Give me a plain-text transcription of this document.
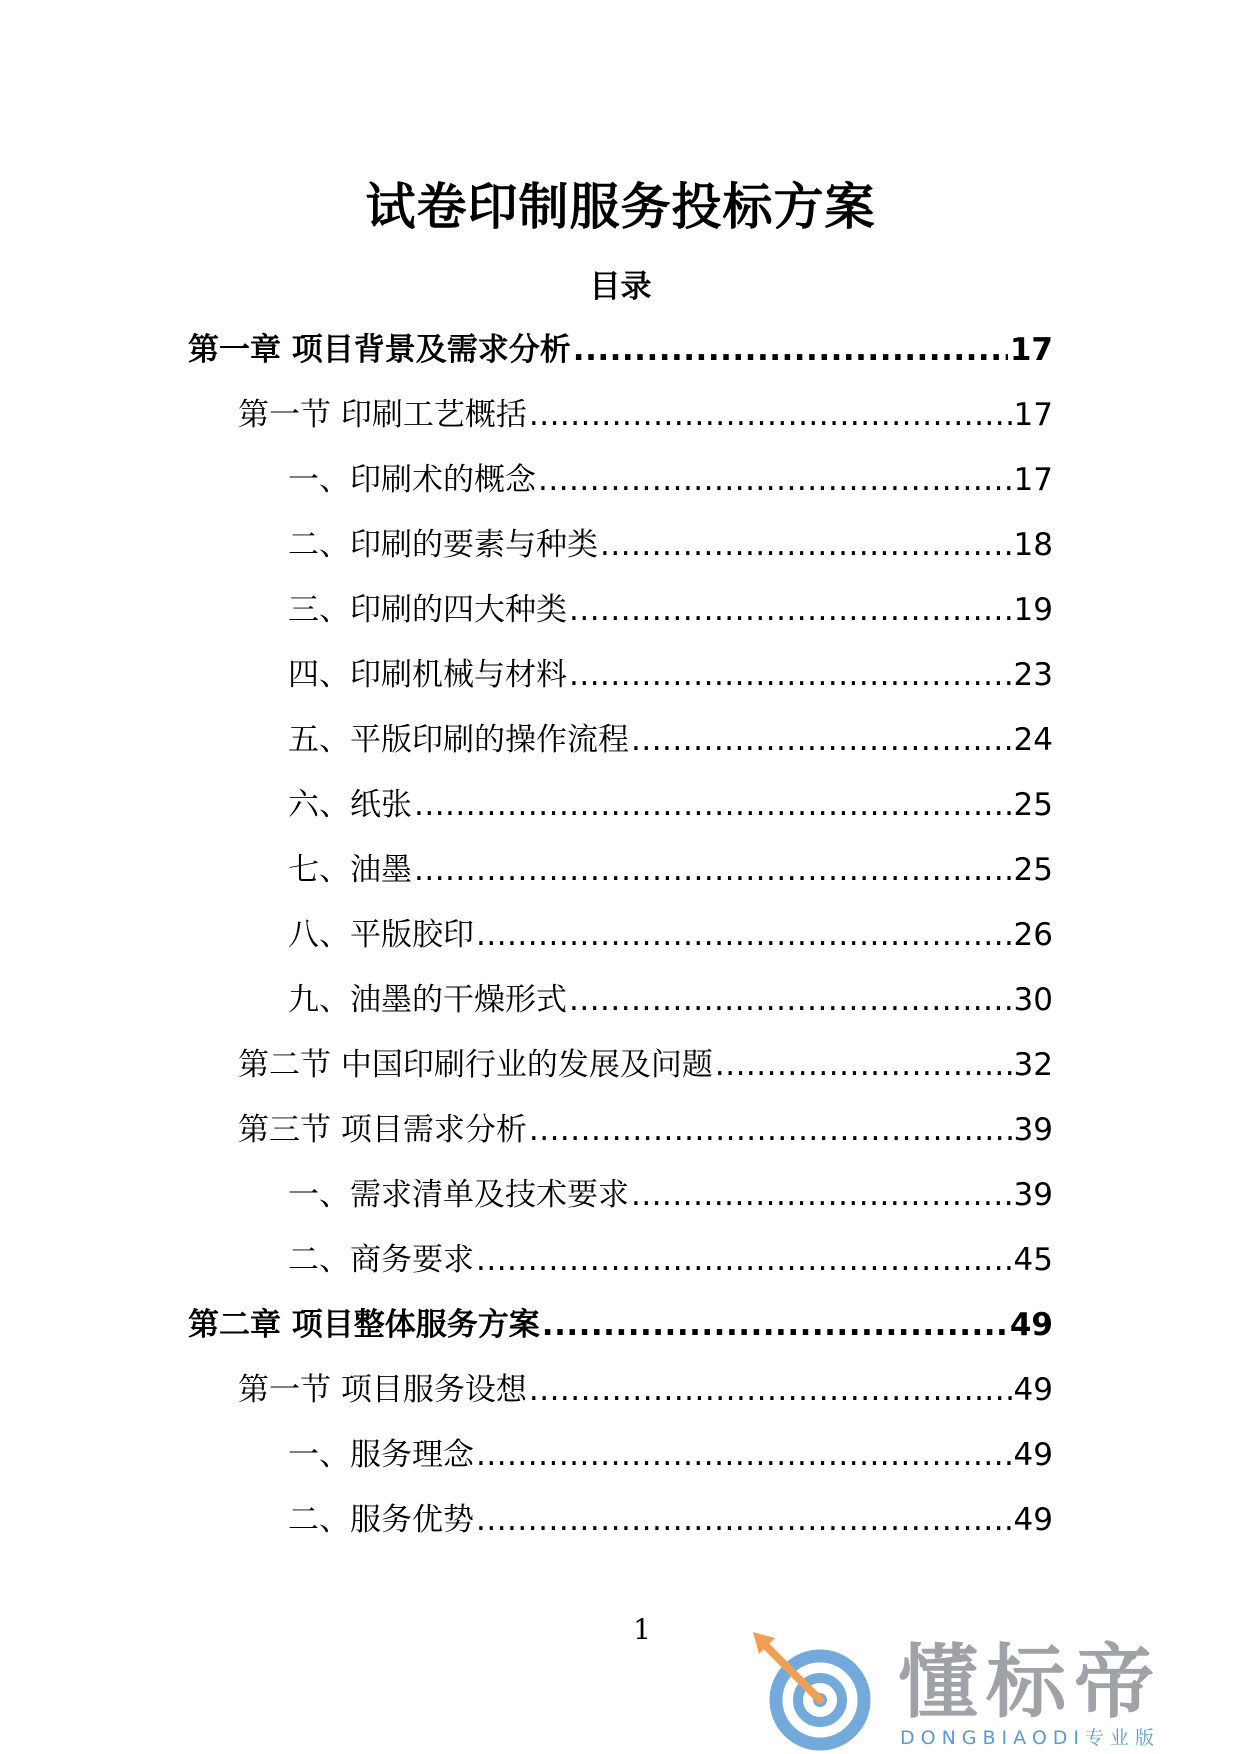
试卷印制服务投标方案
目录
第一章 项目背景及需求分析 .....	17
第一节 印刷工艺概括 .....	17
一、印刷术的概念 .....	17
二、印刷的要素与种类 .....	18
三、印刷的四大种类 .....	19
四、印刷机械与材料 .....	23
五、平版印刷的操作流程 .....	24
六、纸张 .....	25
七、油墨 .....	25
八、平版胶印 .....	26
九、油墨的干燥形式 .....	30
第二节 中国印刷行业的发展及问题 .....	32
第三节 项目需求分析 .....	39
一、需求清单及技术要求 .....	39
二、商务要求 .....	45
第二章 项目整体服务方案 .....	49
第一节 项目服务设想 .....	49
一、服务理念 .....	49
二、服务优势 .....	49
1
懂标帝
DONGBIAODI专业版
